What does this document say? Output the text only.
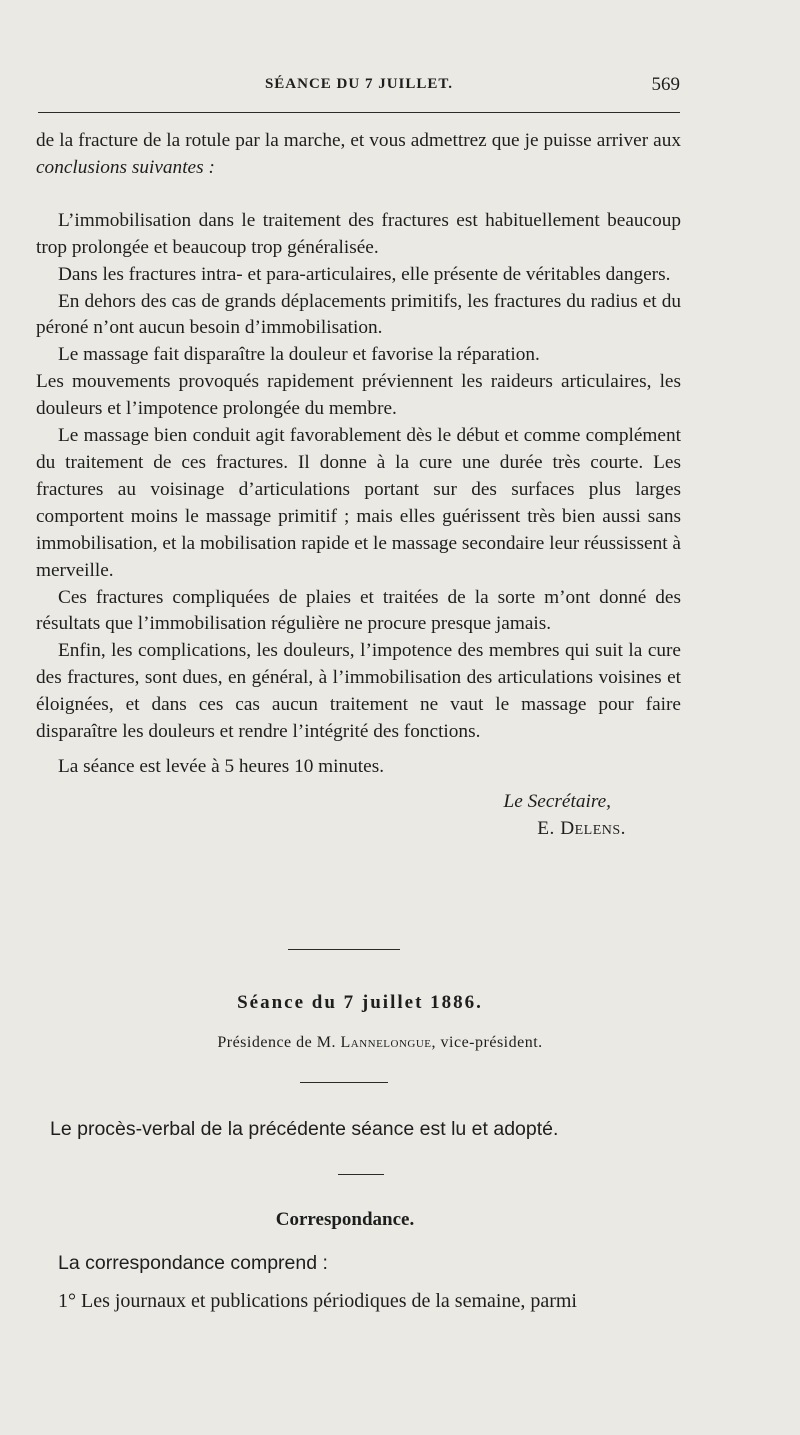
SÉANCE DU 7 JUILLET.	569

de la fracture de la rotule par la marche, et vous admettrez que je puisse arriver aux conclusions suivantes :

L’immobilisation dans le traitement des fractures est habituellement beaucoup trop prolongée et beaucoup trop généralisée.

Dans les fractures intra- et para-articulaires, elle présente de véritables dangers.

En dehors des cas de grands déplacements primitifs, les fractures du radius et du péroné n’ont aucun besoin d’immobilisation.

Le massage fait disparaître la douleur et favorise la réparation.

Les mouvements provoqués rapidement préviennent les raideurs articulaires, les douleurs et l’impotence prolongée du membre.

Le massage bien conduit agit favorablement dès le début et comme complément du traitement de ces fractures. Il donne à la cure une durée très courte. Les fractures au voisinage d’articulations portant sur des surfaces plus larges comportent moins le massage primitif ; mais elles guérissent très bien aussi sans immobilisation, et la mobilisation rapide et le massage secondaire leur réussissent à merveille.

Ces fractures compliquées de plaies et traitées de la sorte m’ont donné des résultats que l’immobilisation régulière ne procure presque jamais.

Enfin, les complications, les douleurs, l’impotence des membres qui suit la cure des fractures, sont dues, en général, à l’immobilisation des articulations voisines et éloignées, et dans ces cas aucun traitement ne vaut le massage pour faire disparaître les douleurs et rendre l’intégrité des fonctions.

La séance est levée à 5 heures 10 minutes.

Le Secrétaire,

E. Delens.

Séance du 7 juillet 1886.
Présidence de M. Lannelongue, vice-président.
Le procès-verbal de la précédente séance est lu et adopté.
Correspondance.
La correspondance comprend :
1° Les journaux et publications périodiques de la semaine, parmi
